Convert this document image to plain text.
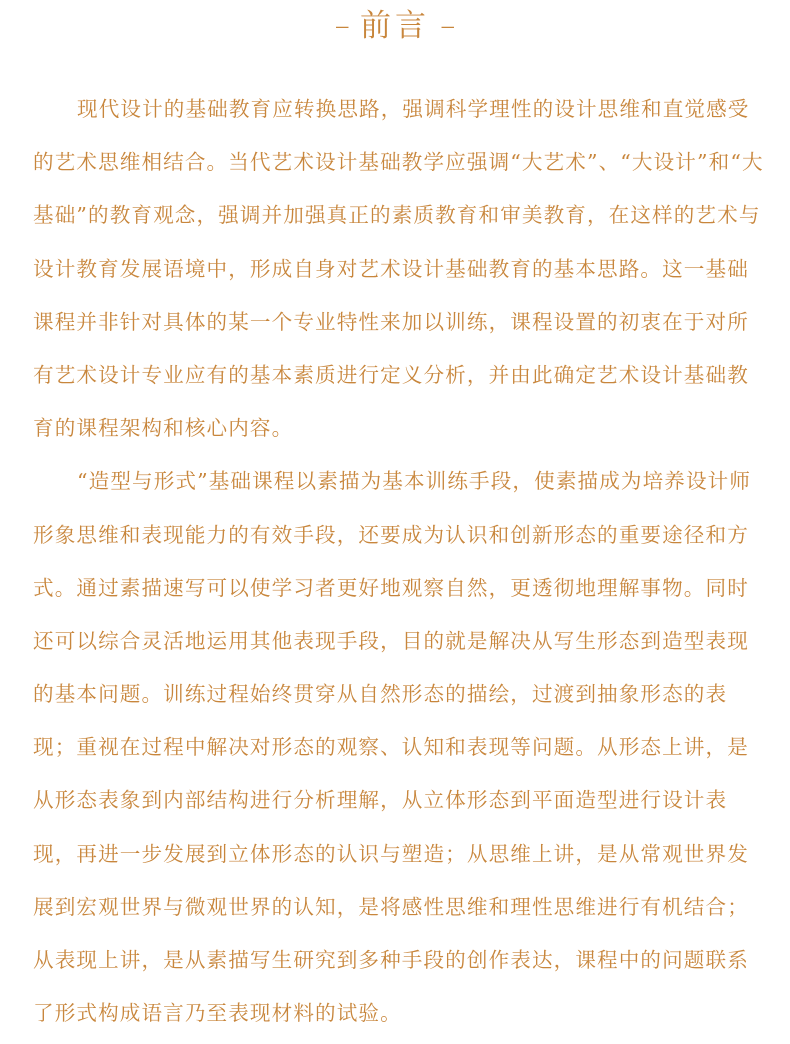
– 前言 –
现代设计的基础教育应转换思路，强调科学理性的设计思维和直觉感受
的艺术思维相结合。当代艺术设计基础教学应强调“大艺术”、“大设计”和“大
基础”的教育观念，强调并加强真正的素质教育和审美教育，在这样的艺术与
设计教育发展语境中，形成自身对艺术设计基础教育的基本思路。这一基础
课程并非针对具体的某一个专业特性来加以训练，课程设置的初衷在于对所
有艺术设计专业应有的基本素质进行定义分析，并由此确定艺术设计基础教
育的课程架构和核心内容。
“造型与形式”基础课程以素描为基本训练手段，使素描成为培养设计师
形象思维和表现能力的有效手段，还要成为认识和创新形态的重要途径和方
式。通过素描速写可以使学习者更好地观察自然，更透彻地理解事物。同时
还可以综合灵活地运用其他表现手段，目的就是解决从写生形态到造型表现
的基本问题。训练过程始终贯穿从自然形态的描绘，过渡到抽象形态的表
现；重视在过程中解决对形态的观察、认知和表现等问题。从形态上讲，是
从形态表象到内部结构进行分析理解，从立体形态到平面造型进行设计表
现，再进一步发展到立体形态的认识与塑造；从思维上讲，是从常观世界发
展到宏观世界与微观世界的认知，是将感性思维和理性思维进行有机结合；
从表现上讲，是从素描写生研究到多种手段的创作表达，课程中的问题联系
了形式构成语言乃至表现材料的试验。
